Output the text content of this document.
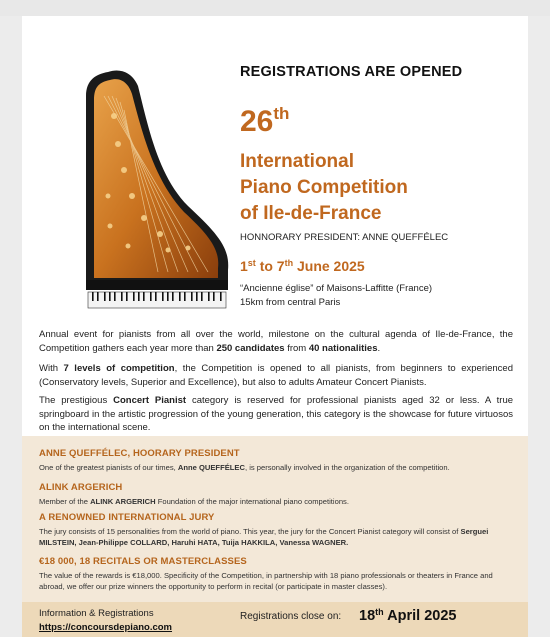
REGISTRATIONS ARE OPENED
26th
International
Piano Competition
of Ile-de-France
HONNORARY PRESIDENT: ANNE QUEFFÉLEC
1st to 7th June 2025
“Ancienne église” of Maisons-Laffitte (France)
15km from central Paris

Annual event for pianists from all over the world, milestone on the cultural agenda of Ile-de-France, the Competition gathers each year more than 250 candidates from 40 nationalities.

With 7 levels of competition, the Competition is opened to all pianists, from beginners to experienced (Conservatory levels, Superior and Excellence), but also to adults Amateur Concert Pianists.

The prestigious Concert Pianist category is reserved for professional pianists aged 32 or less. A true springboard in the artistic progression of the young generation, this category is the showcase for future virtuosos on the international scene.

ANNE QUEFFÉLEC, HOORARY PRESIDENT

One of the greatest pianists of our times, Anne QUEFFÉLEC, is personally involved in the organization of the competition.

ALINK ARGERICH

Member of the ALINK ARGERICH Foundation of the major international piano competitions.

A RENOWNED INTERNATIONAL JURY

The jury consists of 15 personalities from the world of piano. This year, the jury for the Concert Pianist category will consist of Serguei MILSTEIN, Jean-Philippe COLLARD, Haruhi HATA, Tuija HAKKILA, Vanessa WAGNER.

€18 000, 18 RECITALS OR MASTERCLASSES

The value of the rewards is €18,000. Specificity of the Competition, in partnership with 18 piano professionals or theaters in France and abroad, we offer our prize winners the opportunity to perform in recital (or participate in master classes).

Information & Registrations
https://concoursdepiano.com
Registrations close on: 18th April 2025
